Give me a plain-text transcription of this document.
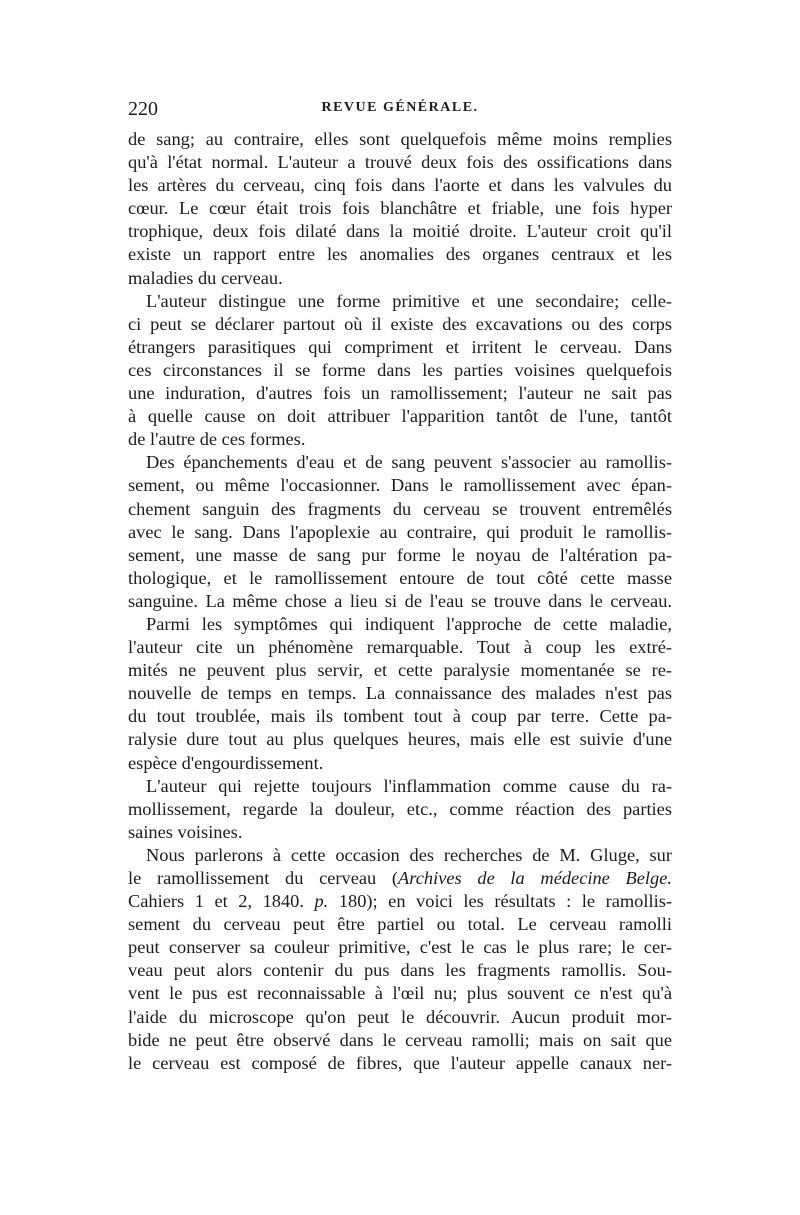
220	REVUE GÉNÉRALE.
de sang; au contraire, elles sont quelquefois même moins remplies
qu'à l'état normal. L'auteur a trouvé deux fois des ossifications dans
les artères du cerveau, cinq fois dans l'aorte et dans les valvules du
cœur. Le cœur était trois fois blanchâtre et friable, une fois hyper
trophique, deux fois dilaté dans la moitié droite. L'auteur croit qu'il
existe un rapport entre les anomalies des organes centraux et les
maladies du cerveau.
L'auteur distingue une forme primitive et une secondaire; celle-
ci peut se déclarer partout où il existe des excavations ou des corps
étrangers parasitiques qui compriment et irritent le cerveau. Dans
ces circonstances il se forme dans les parties voisines quelquefois
une induration, d'autres fois un ramollissement; l'auteur ne sait pas
à quelle cause on doit attribuer l'apparition tantôt de l'une, tantôt
de l'autre de ces formes.
Des épanchements d'eau et de sang peuvent s'associer au ramollis-
sement, ou même l'occasionner. Dans le ramollissement avec épan-
chement sanguin des fragments du cerveau se trouvent entremêlés
avec le sang. Dans l'apoplexie au contraire, qui produit le ramollis-
sement, une masse de sang pur forme le noyau de l'altération pa-
thologique, et le ramollissement entoure de tout côté cette masse
sanguine. La même chose a lieu si de l'eau se trouve dans le cerveau.
Parmi les symptômes qui indiquent l'approche de cette maladie,
l'auteur cite un phénomène remarquable. Tout à coup les extré-
mités ne peuvent plus servir, et cette paralysie momentanée se re-
nouvelle de temps en temps. La connaissance des malades n'est pas
du tout troublée, mais ils tombent tout à coup par terre. Cette pa-
ralysie dure tout au plus quelques heures, mais elle est suivie d'une
espèce d'engourdissement.
L'auteur qui rejette toujours l'inflammation comme cause du ra-
mollissement, regarde la douleur, etc., comme réaction des parties
saines voisines.
Nous parlerons à cette occasion des recherches de M. Gluge, sur
le ramollissement du cerveau (Archives de la médecine Belge.
Cahiers 1 et 2, 1840. p. 180); en voici les résultats : le ramollis-
sement du cerveau peut être partiel ou total. Le cerveau ramolli
peut conserver sa couleur primitive, c'est le cas le plus rare; le cer-
veau peut alors contenir du pus dans les fragments ramollis. Sou-
vent le pus est reconnaissable à l'œil nu; plus souvent ce n'est qu'à
l'aide du microscope qu'on peut le découvrir. Aucun produit mor-
bide ne peut être observé dans le cerveau ramolli; mais on sait que
le cerveau est composé de fibres, que l'auteur appelle canaux ner-
